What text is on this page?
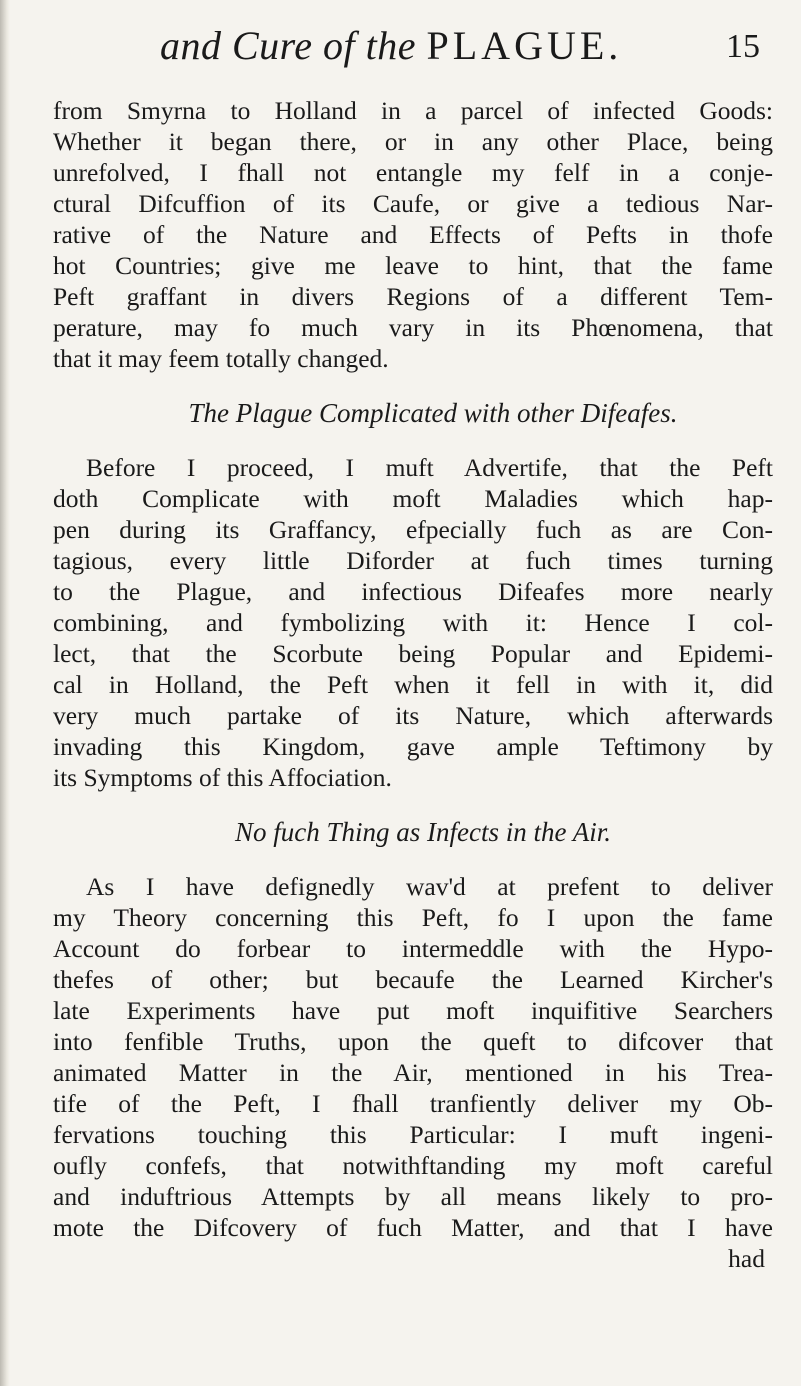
and Cure of the PLAGUE.	15
from Smyrna to Holland in a parcel of infected Goods:
Whether it began there, or in any other Place, being
unrefolved, I fhall not entangle my felf in a conje-
ctural Difcuffion of its Caufe, or give a tedious Nar-
rative of the Nature and Effects of Pefts in thofe
hot Countries; give me leave to hint, that the fame
Peft graffant in divers Regions of a different Tem-
perature, may fo much vary in its Phœnomena, that
that it may feem totally changed.
The Plague Complicated with other Difeafes.
Before I proceed, I muft Advertife, that the Peft
doth Complicate with moft Maladies which hap-
pen during its Graffancy, efpecially fuch as are Con-
tagious, every little Diforder at fuch times turning
to the Plague, and infectious Difeafes more nearly
combining, and fymbolizing with it: Hence I col-
lect, that the Scorbute being Popular and Epidemi-
cal in Holland, the Peft when it fell in with it, did
very much partake of its Nature, which afterwards
invading this Kingdom, gave ample Teftimony by
its Symptoms of this Affociation.
No fuch Thing as Infects in the Air.
As I have defignedly wav'd at prefent to deliver
my Theory concerning this Peft, fo I upon the fame
Account do forbear to intermeddle with the Hypo-
thefes of other; but becaufe the Learned Kircher's
late Experiments have put moft inquifitive Searchers
into fenfible Truths, upon the queft to difcover that
animated Matter in the Air, mentioned in his Trea-
tife of the Peft, I fhall tranfiently deliver my Ob-
fervations touching this Particular: I muft ingeni-
oufly confefs, that notwithftanding my moft careful
and induftrious Attempts by all means likely to pro-
mote the Difcovery of fuch Matter, and that I have
had
